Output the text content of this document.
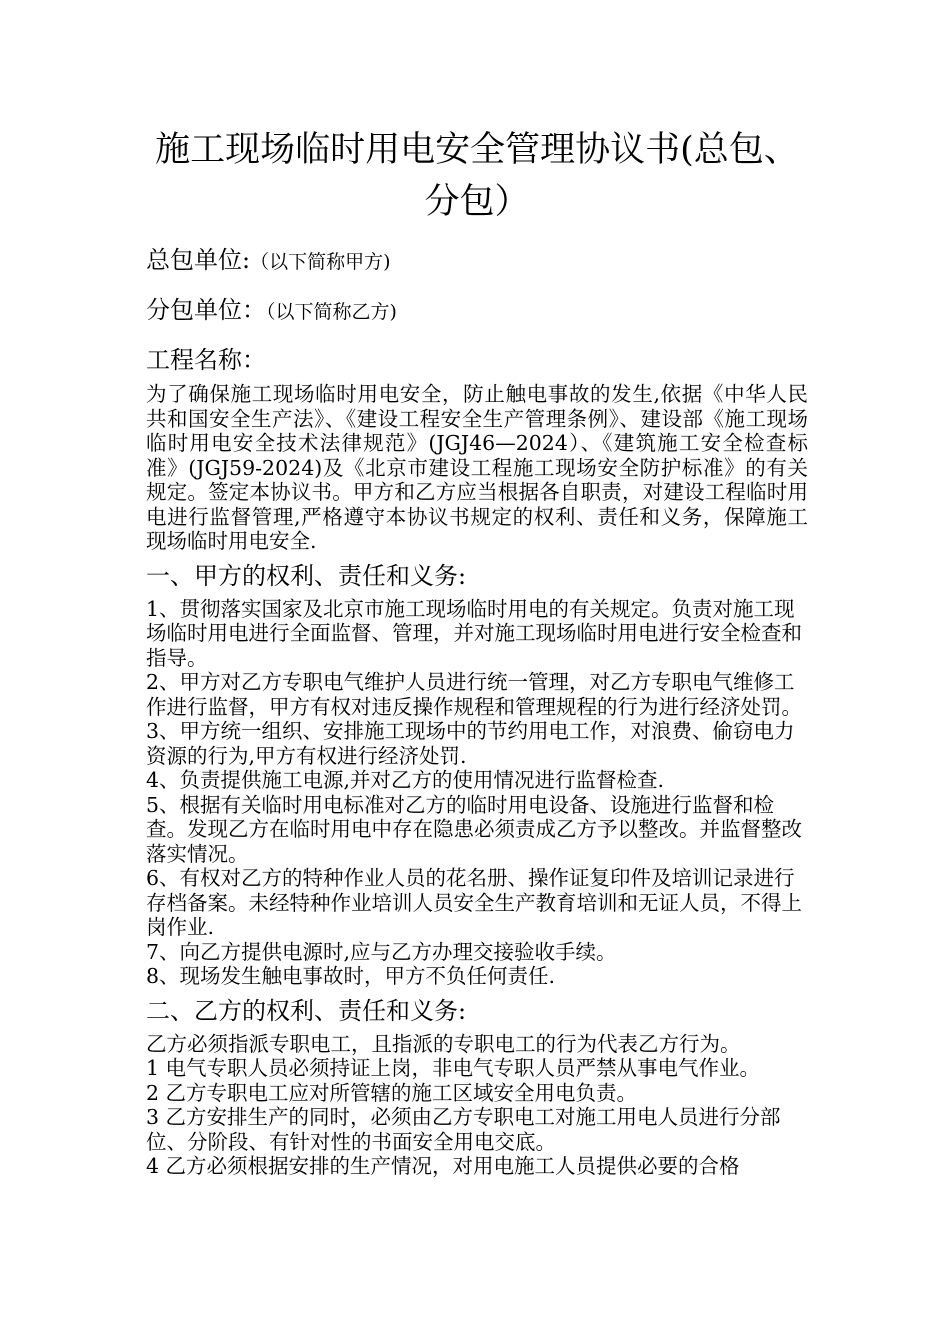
施工现场临时用电安全管理协议书(总包、
分包）

总包单位:（以下简称甲方)

分包单位：（以下简称乙方)

工程名称：

为了确保施工现场临时用电安全，防止触电事故的发生,依据《中华人民共和国安全生产法》、《建设工程安全生产管理条例》、建设部《施工现场临时用电安全技术法律规范》(JGJ46—2024）、《建筑施工安全检查标准》(JGJ59-2024)及《北京市建设工程施工现场安全防护标准》的有关规定。签定本协议书。甲方和乙方应当根据各自职责，对建设工程临时用电进行监督管理,严格遵守本协议书规定的权利、责任和义务，保障施工现场临时用电安全.

一、甲方的权利、责任和义务:

1、贯彻落实国家及北京市施工现场临时用电的有关规定。负责对施工现场临时用电进行全面监督、管理，并对施工现场临时用电进行安全检查和指导。

2、甲方对乙方专职电气维护人员进行统一管理，对乙方专职电气维修工作进行监督，甲方有权对违反操作规程和管理规程的行为进行经济处罚。

3、甲方统一组织、安排施工现场中的节约用电工作，对浪费、偷窃电力资源的行为,甲方有权进行经济处罚.

4、负责提供施工电源,并对乙方的使用情况进行监督检查.

5、根据有关临时用电标准对乙方的临时用电设备、设施进行监督和检查。发现乙方在临时用电中存在隐患必须责成乙方予以整改。并监督整改落实情况。

6、有权对乙方的特种作业人员的花名册、操作证复印件及培训记录进行存档备案。未经特种作业培训人员安全生产教育培训和无证人员，不得上岗作业.

7、向乙方提供电源时,应与乙方办理交接验收手续。

8、现场发生触电事故时，甲方不负任何责任.

二、乙方的权利、责任和义务:

乙方必须指派专职电工，且指派的专职电工的行为代表乙方行为。

1 电气专职人员必须持证上岗，非电气专职人员严禁从事电气作业。

2 乙方专职电工应对所管辖的施工区域安全用电负责。

3 乙方安排生产的同时，必须由乙方专职电工对施工用电人员进行分部位、分阶段、有针对性的书面安全用电交底。

4 乙方必须根据安排的生产情况，对用电施工人员提供必要的合格
